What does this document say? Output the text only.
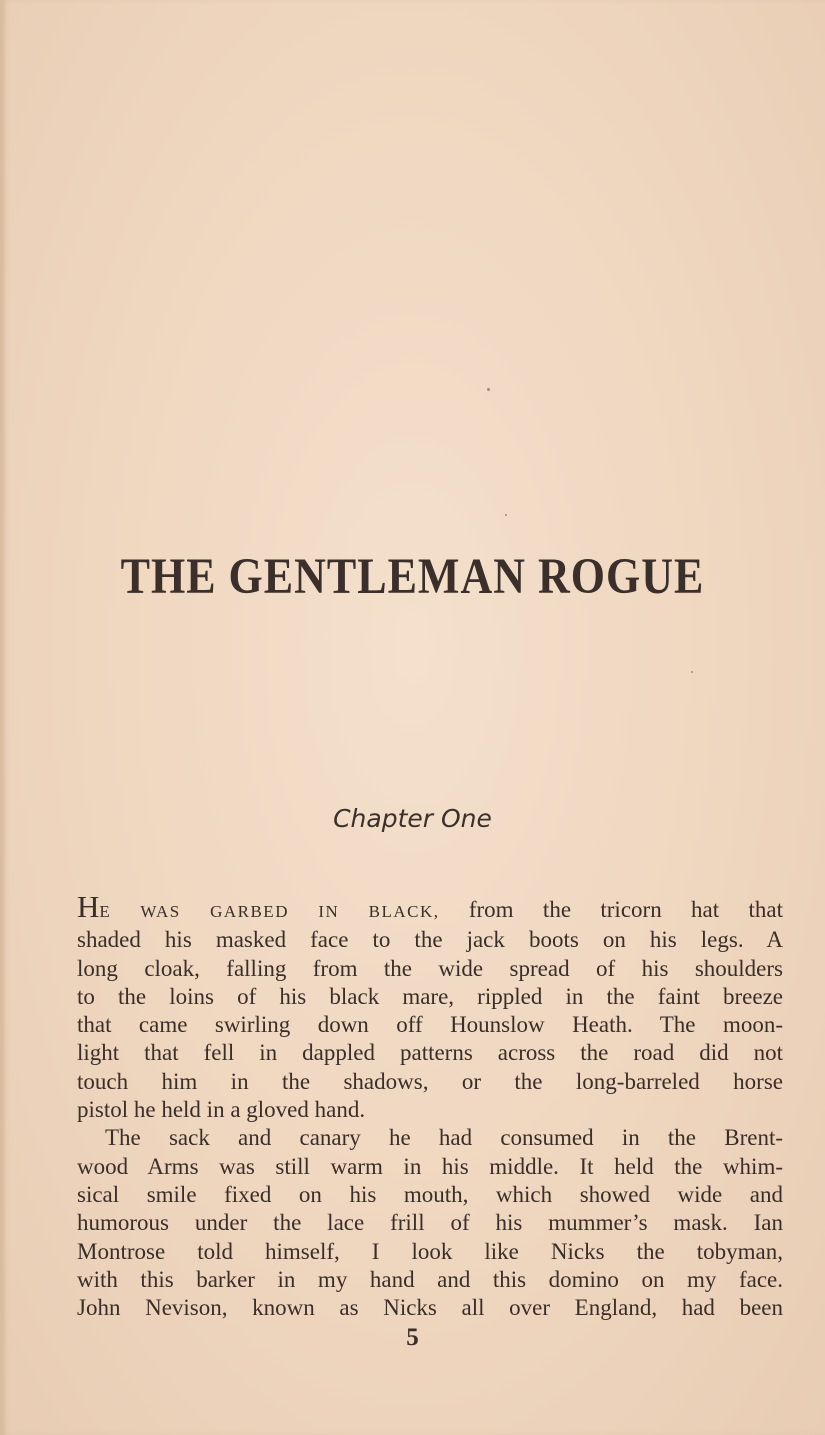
THE GENTLEMAN ROGUE
Chapter One
HE WAS GARBED IN BLACK, from the tricorn hat that
shaded his masked face to the jack boots on his legs. A
long cloak, falling from the wide spread of his shoulders
to the loins of his black mare, rippled in the faint breeze
that came swirling down off Hounslow Heath. The moon-
light that fell in dappled patterns across the road did not
touch him in the shadows, or the long-barreled horse
pistol he held in a gloved hand.
The sack and canary he had consumed in the Brent-
wood Arms was still warm in his middle. It held the whim-
sical smile fixed on his mouth, which showed wide and
humorous under the lace frill of his mummer’s mask. Ian
Montrose told himself, I look like Nicks the tobyman,
with this barker in my hand and this domino on my face.
John Nevison, known as Nicks all over England, had been
5
